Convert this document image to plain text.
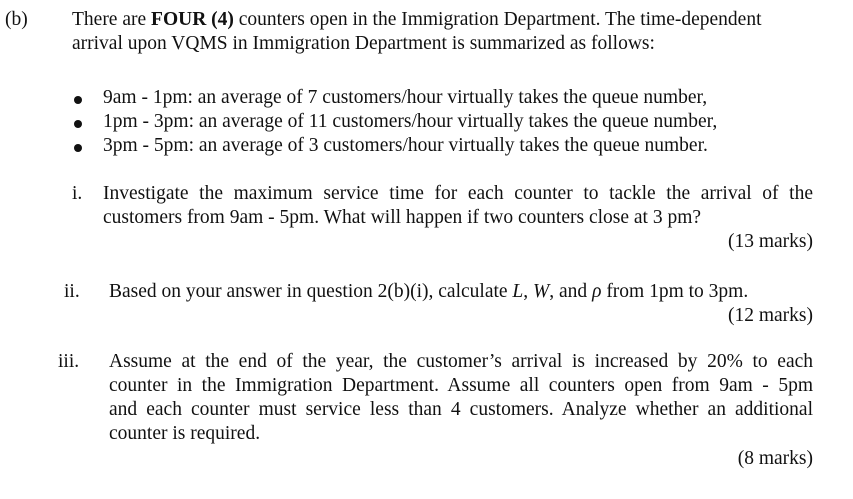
(b) There are FOUR (4) counters open in the Immigration Department. The time-dependent
arrival upon VQMS in Immigration Department is summarized as follows:
9am - 1pm: an average of 7 customers/hour virtually takes the queue number,
1pm - 3pm: an average of 11 customers/hour virtually takes the queue number,
3pm - 5pm: an average of 3 customers/hour virtually takes the queue number.
i. Investigate the maximum service time for each counter to tackle the arrival of the
customers from 9am - 5pm. What will happen if two counters close at 3 pm?
(13 marks)
ii. Based on your answer in question 2(b)(i), calculate L, W, and ρ from 1pm to 3pm.
(12 marks)
iii. Assume at the end of the year, the customer’s arrival is increased by 20% to each
counter in the Immigration Department. Assume all counters open from 9am - 5pm
and each counter must service less than 4 customers. Analyze whether an additional
counter is required.
(8 marks)
